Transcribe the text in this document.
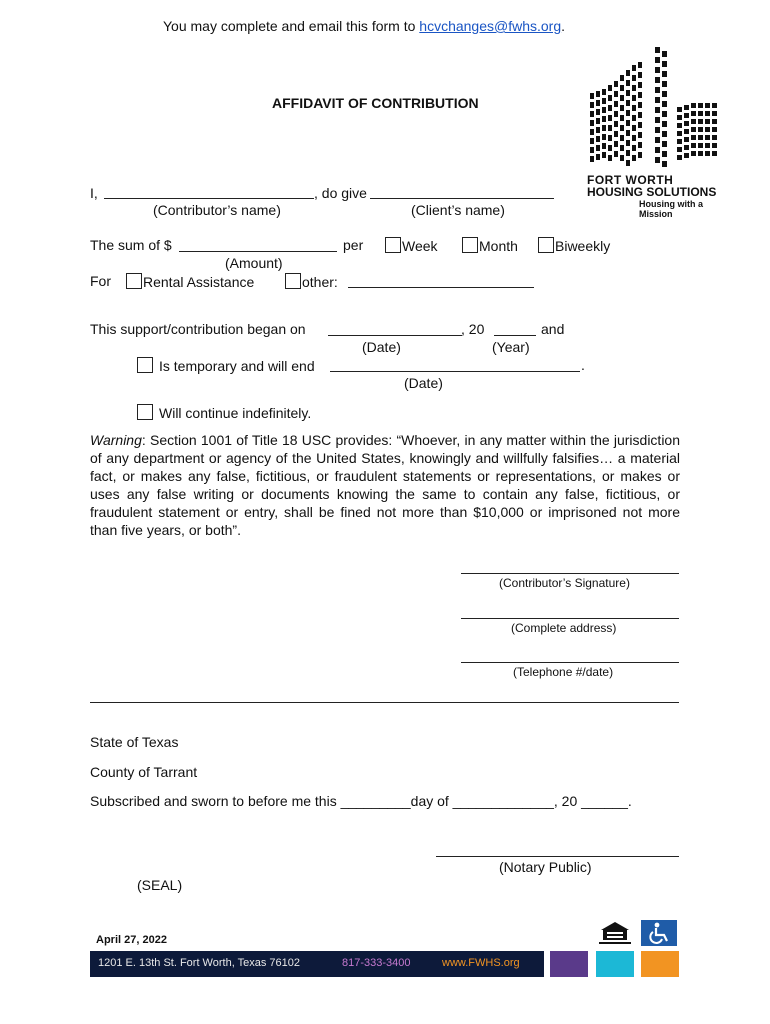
You may complete and email this form to hcvchanges@fwhs.org.
FORT WORTH
HOUSING SOLUTIONS
Housing with a Mission
AFFIDAVIT OF CONTRIBUTION
I,	, do give
(Contributor’s name)	(Client’s name)
The sum of $	per	Week	Month	Biweekly
(Amount)
For	Rental Assistance	other:
This support/contribution began on	, 20	and
(Date)	(Year)
Is temporary and will end	.
(Date)
Will continue indefinitely.
Warning: Section 1001 of Title 18 USC provides: “Whoever, in any matter within the jurisdiction of any department or agency of the United States, knowingly and willfully falsifies… a material fact, or makes any false, fictitious, or fraudulent statements or representations, or makes or uses any false writing or documents knowing the same to contain any false, fictitious, or fraudulent statement or entry, shall be fined not more than $10,000 or imprisoned not more than five years, or both”.
(Contributor’s Signature)
(Complete address)
(Telephone #/date)
State of Texas
County of Tarrant
Subscribed and sworn to before me this _________day of _____________, 20 ______.
(Notary Public)
(SEAL)
April 27, 2022
1201 E. 13th St. Fort Worth, Texas 76102	817-333-3400	www.FWHS.org
